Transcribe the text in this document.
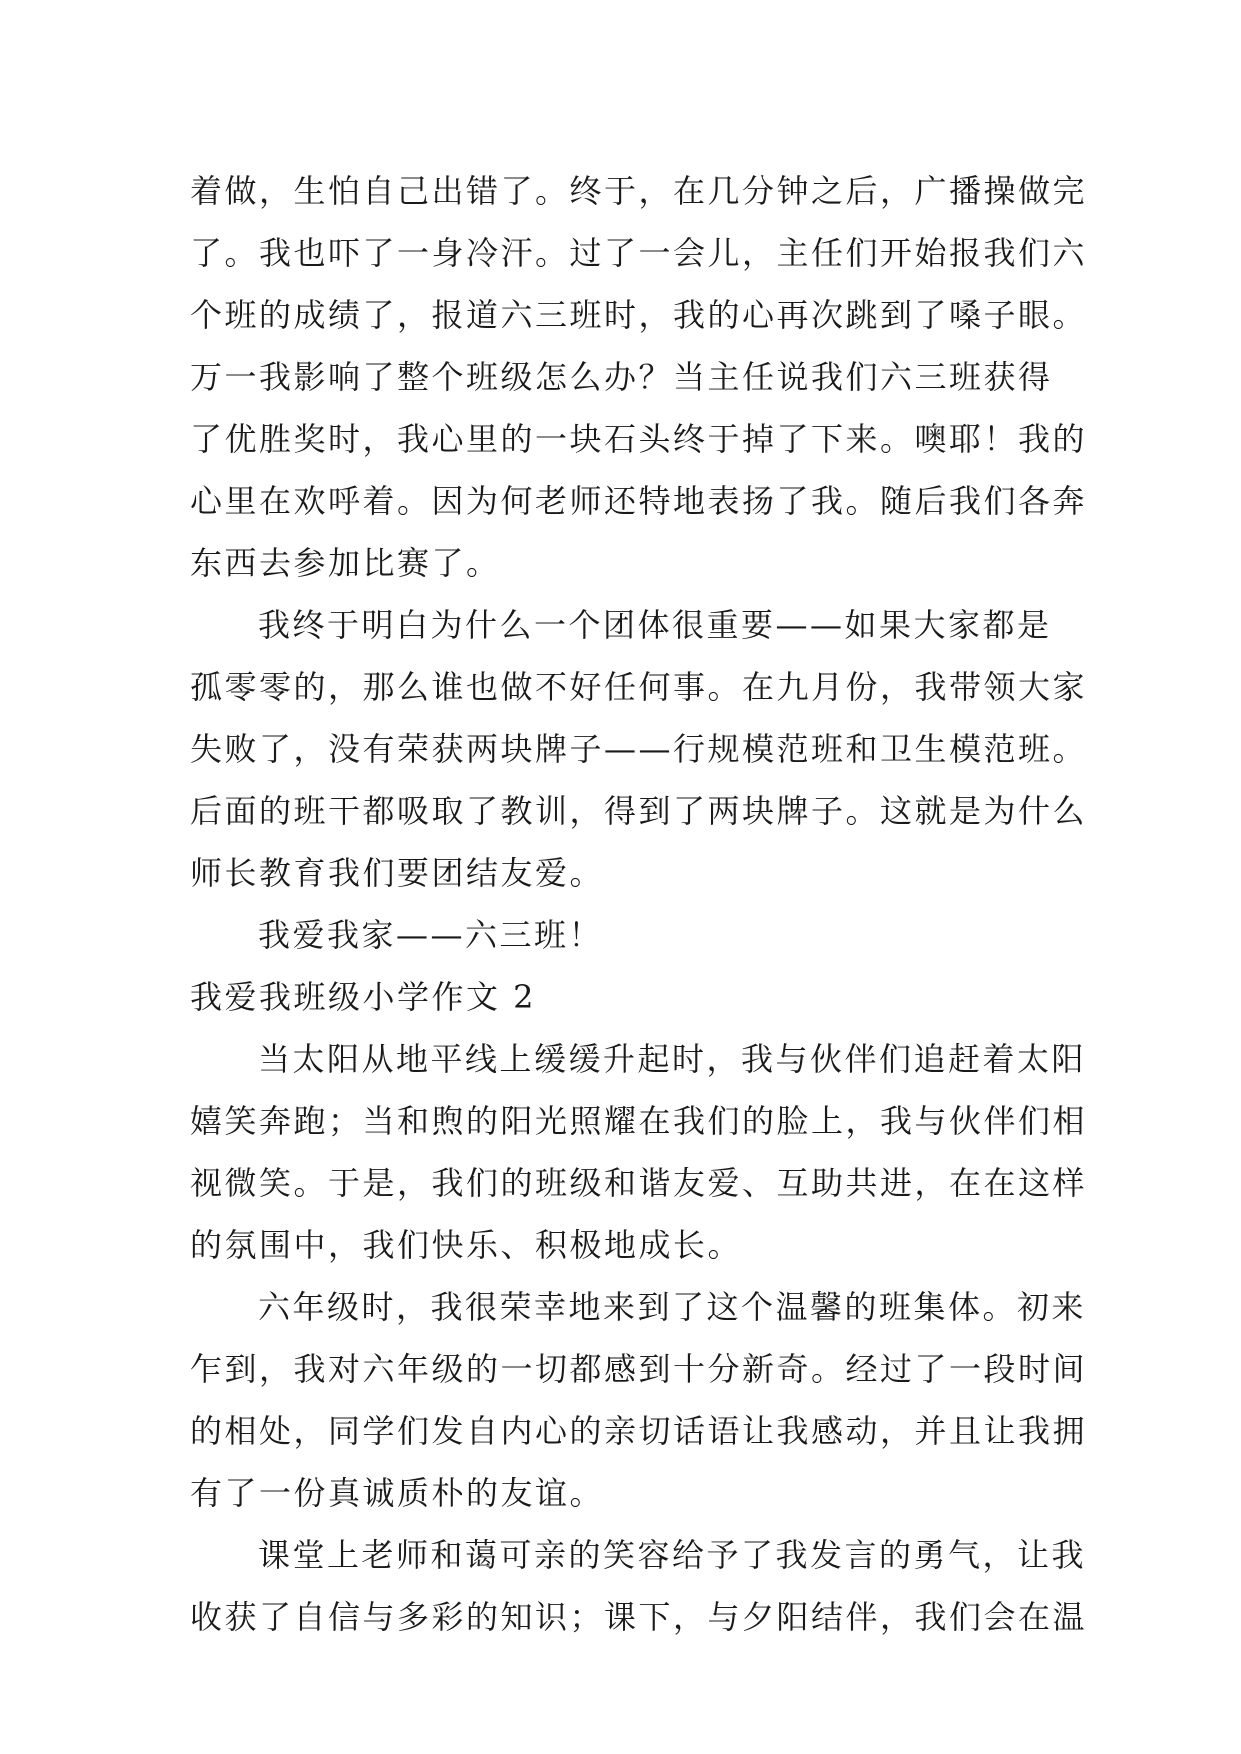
着做，生怕自己出错了。终于，在几分钟之后，广播操做完
了。我也吓了一身冷汗。过了一会儿，主任们开始报我们六
个班的成绩了，报道六三班时，我的心再次跳到了嗓子眼。
万一我影响了整个班级怎么办？当主任说我们六三班获得
了优胜奖时，我心里的一块石头终于掉了下来。噢耶！我的
心里在欢呼着。因为何老师还特地表扬了我。随后我们各奔
东西去参加比赛了。
我终于明白为什么一个团体很重要——如果大家都是
孤零零的，那么谁也做不好任何事。在九月份，我带领大家
失败了，没有荣获两块牌子——行规模范班和卫生模范班。
后面的班干都吸取了教训，得到了两块牌子。这就是为什么
师长教育我们要团结友爱。
我爱我家——六三班！
我爱我班级小学作文 2
当太阳从地平线上缓缓升起时，我与伙伴们追赶着太阳
嬉笑奔跑；当和煦的阳光照耀在我们的脸上，我与伙伴们相
视微笑。于是，我们的班级和谐友爱、互助共进，在在这样
的氛围中，我们快乐、积极地成长。
六年级时，我很荣幸地来到了这个温馨的班集体。初来
乍到，我对六年级的一切都感到十分新奇。经过了一段时间
的相处，同学们发自内心的亲切话语让我感动，并且让我拥
有了一份真诚质朴的友谊。
课堂上老师和蔼可亲的笑容给予了我发言的勇气，让我
收获了自信与多彩的知识；课下，与夕阳结伴，我们会在温
